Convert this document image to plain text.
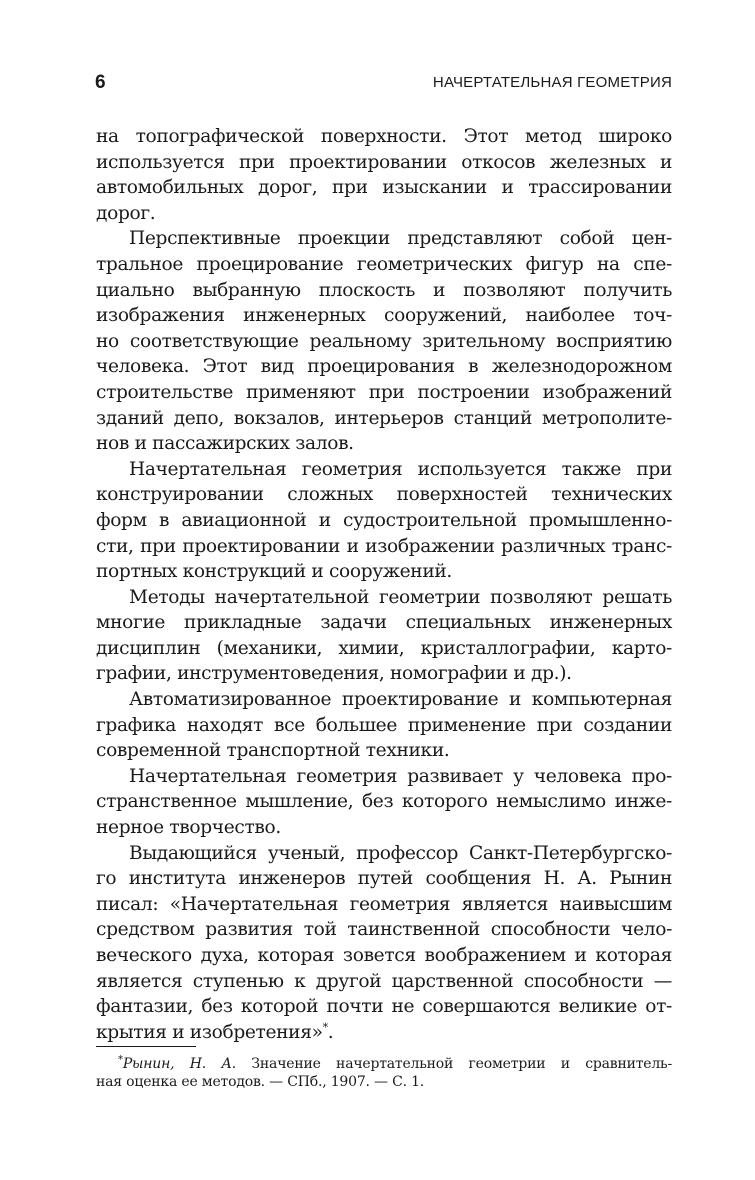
6	НАЧЕРТАТЕЛЬНАЯ ГЕОМЕТРИЯ
на топографической поверхности. Этот метод широко
используется при проектировании откосов железных и
автомобильных дорог, при изыскании и трассировании
дорог.
Перспективные проекции представляют собой цен-
тральное проецирование геометрических фигур на спе-
циально выбранную плоскость и позволяют получить
изображения инженерных сооружений, наиболее точ-
но соответствующие реальному зрительному восприятию
человека. Этот вид проецирования в железнодорожном
строительстве применяют при построении изображений
зданий депо, вокзалов, интерьеров станций метрополите-
нов и пассажирских залов.
Начертательная геометрия используется также при
конструировании сложных поверхностей технических
форм в авиационной и судостроительной промышленно-
сти, при проектировании и изображении различных транс-
портных конструкций и сооружений.
Методы начертательной геометрии позволяют решать
многие прикладные задачи специальных инженерных
дисциплин (механики, химии, кристаллографии, карто-
графии, инструментоведения, номографии и др.).
Автоматизированное проектирование и компьютерная
графика находят все большее применение при создании
современной транспортной техники.
Начертательная геометрия развивает у человека про-
странственное мышление, без которого немыслимо инже-
нерное творчество.
Выдающийся ученый, профессор Санкт-Петербургско-
го института инженеров путей сообщения Н. А. Рынин
писал: «Начертательная геометрия является наивысшим
средством развития той таинственной способности чело-
веческого духа, которая зовется воображением и которая
является ступенью к другой царственной способности —
фантазии, без которой почти не совершаются великие от-
крытия и изобретения»*.
*Рынин, Н. А. Значение начертательной геометрии и сравнитель-
ная оценка ее методов. — СПб., 1907. — С. 1.
